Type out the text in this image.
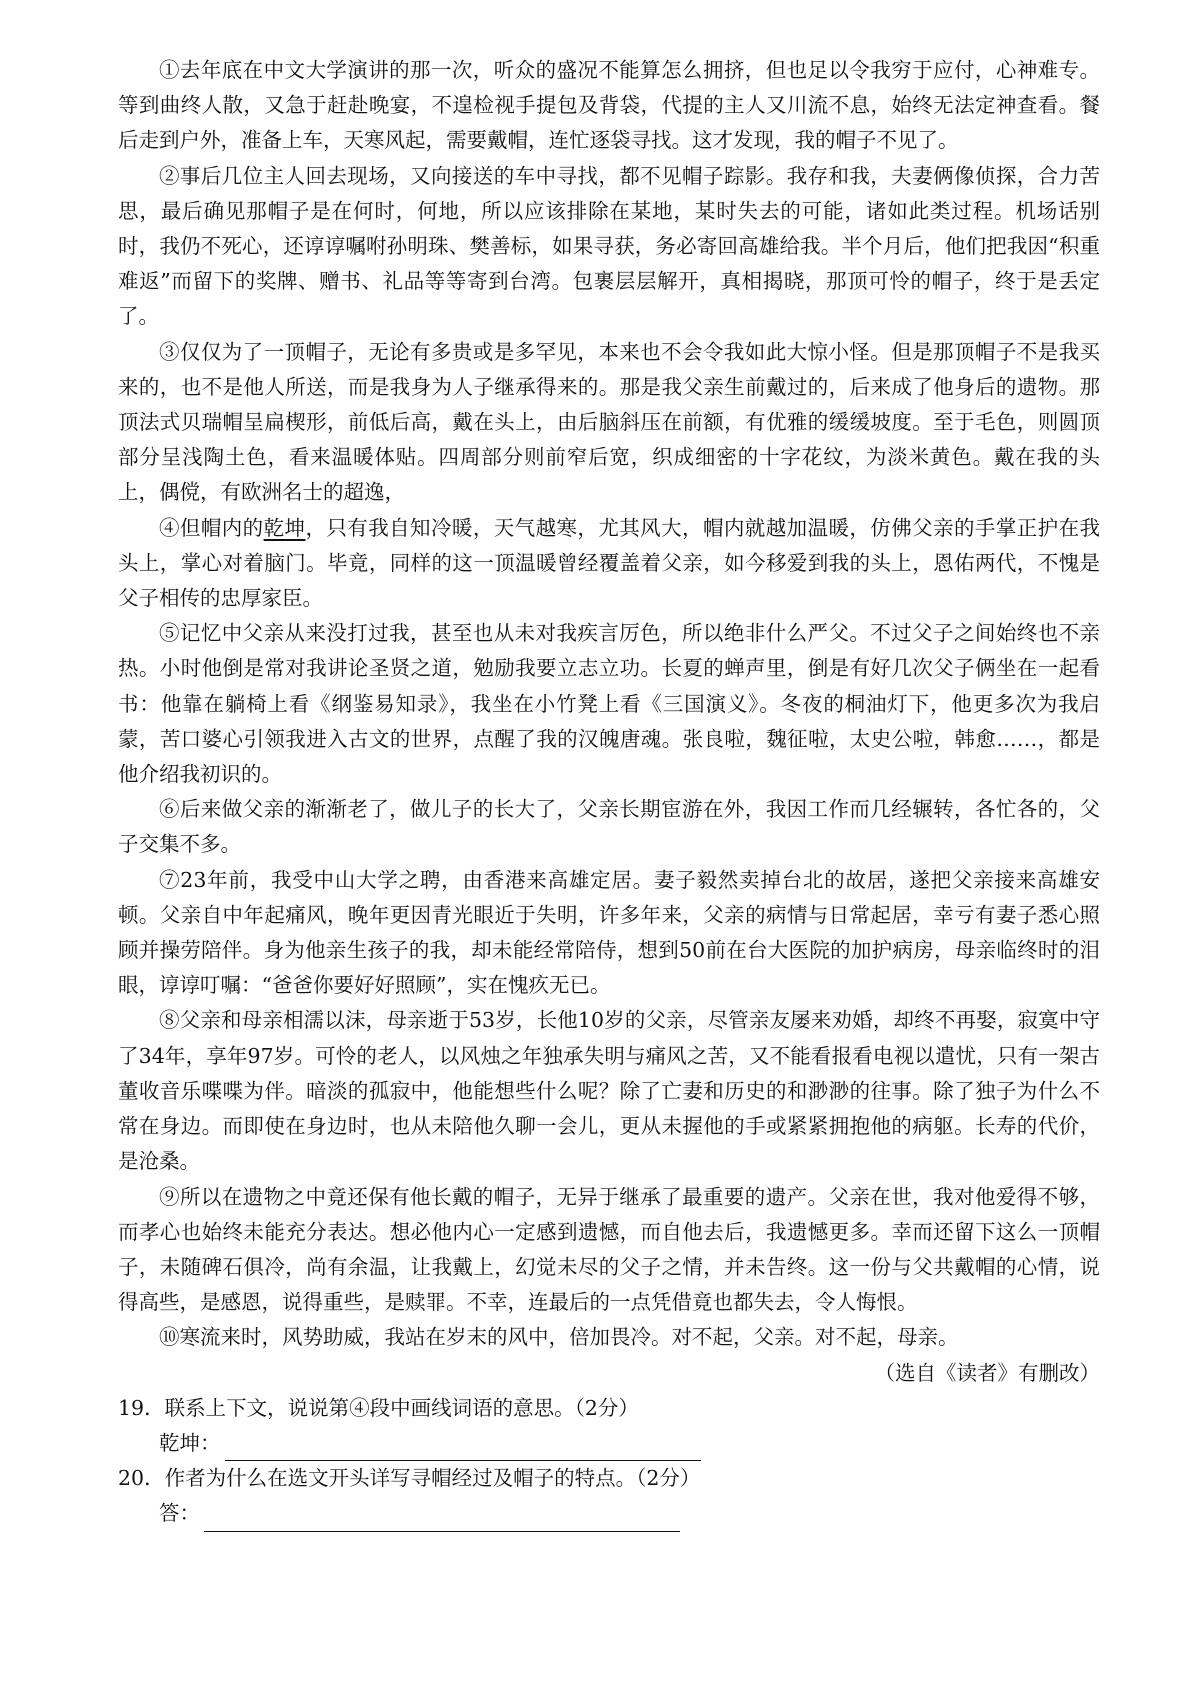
①去年底在中文大学演讲的那一次，听众的盛况不能算怎么拥挤，但也足以令我穷于应付，心神难专。等到曲终人散，又急于赶赴晚宴，不遑检视手提包及背袋，代提的主人又川流不息，始终无法定神查看。餐后走到户外，准备上车，天寒风起，需要戴帽，连忙逐袋寻找。这才发现，我的帽子不见了。

②事后几位主人回去现场，又向接送的车中寻找，都不见帽子踪影。我存和我，夫妻俩像侦探，合力苦思，最后确见那帽子是在何时，何地，所以应该排除在某地，某时失去的可能，诸如此类过程。机场话别时，我仍不死心，还谆谆嘱咐孙明珠、樊善标，如果寻获，务必寄回高雄给我。半个月后，他们把我因“积重难返”而留下的奖牌、赠书、礼品等等寄到台湾。包裹层层解开，真相揭晓，那顶可怜的帽子，终于是丢定了。

③仅仅为了一顶帽子，无论有多贵或是多罕见，本来也不会令我如此大惊小怪。但是那顶帽子不是我买来的，也不是他人所送，而是我身为人子继承得来的。那是我父亲生前戴过的，后来成了他身后的遗物。那顶法式贝瑞帽呈扁楔形，前低后高，戴在头上，由后脑斜压在前额，有优雅的缓缓坡度。至于毛色，则圆顶部分呈浅陶土色，看来温暖体贴。四周部分则前窄后宽，织成细密的十字花纹，为淡米黄色。戴在我的头上，偶傥，有欧洲名士的超逸，

④但帽内的乾坤，只有我自知冷暖，天气越寒，尤其风大，帽内就越加温暖，仿佛父亲的手掌正护在我头上，掌心对着脑门。毕竟，同样的这一顶温暖曾经覆盖着父亲，如今移爱到我的头上，恩佑两代，不愧是父子相传的忠厚家臣。

⑤记忆中父亲从来没打过我，甚至也从未对我疾言厉色，所以绝非什么严父。不过父子之间始终也不亲热。小时他倒是常对我讲论圣贤之道，勉励我要立志立功。长夏的蝉声里，倒是有好几次父子俩坐在一起看书：他靠在躺椅上看《纲鉴易知录》，我坐在小竹凳上看《三国演义》。冬夜的桐油灯下，他更多次为我启蒙，苦口婆心引领我进入古文的世界，点醒了我的汉魄唐魂。张良啦，魏征啦，太史公啦，韩愈……，都是他介绍我初识的。

⑥后来做父亲的渐渐老了，做儿子的长大了，父亲长期宦游在外，我因工作而几经辗转，各忙各的，父子交集不多。

⑦23年前，我受中山大学之聘，由香港来高雄定居。妻子毅然卖掉台北的故居，遂把父亲接来高雄安顿。父亲自中年起痛风，晚年更因青光眼近于失明，许多年来，父亲的病情与日常起居，幸亏有妻子悉心照顾并操劳陪伴。身为他亲生孩子的我，却未能经常陪侍，想到50前在台大医院的加护病房，母亲临终时的泪眼，谆谆叮嘱：“爸爸你要好好照顾”，实在愧疚无已。

⑧父亲和母亲相濡以沫，母亲逝于53岁，长他10岁的父亲，尽管亲友屡来劝婚，却终不再娶，寂寞中守了34年，享年97岁。可怜的老人，以风烛之年独承失明与痛风之苦，又不能看报看电视以遣忧，只有一架古董收音乐喋喋为伴。暗淡的孤寂中，他能想些什么呢？除了亡妻和历史的和渺渺的往事。除了独子为什么不常在身边。而即使在身边时，也从未陪他久聊一会儿，更从未握他的手或紧紧拥抱他的病躯。长寿的代价，是沧桑。

⑨所以在遗物之中竟还保有他长戴的帽子，无异于继承了最重要的遗产。父亲在世，我对他爱得不够，而孝心也始终未能充分表达。想必他内心一定感到遗憾，而自他去后，我遗憾更多。幸而还留下这么一顶帽子，未随碑石俱冷，尚有余温，让我戴上，幻觉未尽的父子之情，并未告终。这一份与父共戴帽的心情，说得高些，是感恩，说得重些，是赎罪。不幸，连最后的一点凭借竟也都失去，令人悔恨。

⑩寒流来时，风势助威，我站在岁末的风中，倍加畏冷。对不起，父亲。对不起，母亲。

（选自《读者》有删改）

19．联系上下文，说说第④段中画线词语的意思。（2分）

乾坤：

20．作者为什么在选文开头详写寻帽经过及帽子的特点。（2分）

答：
